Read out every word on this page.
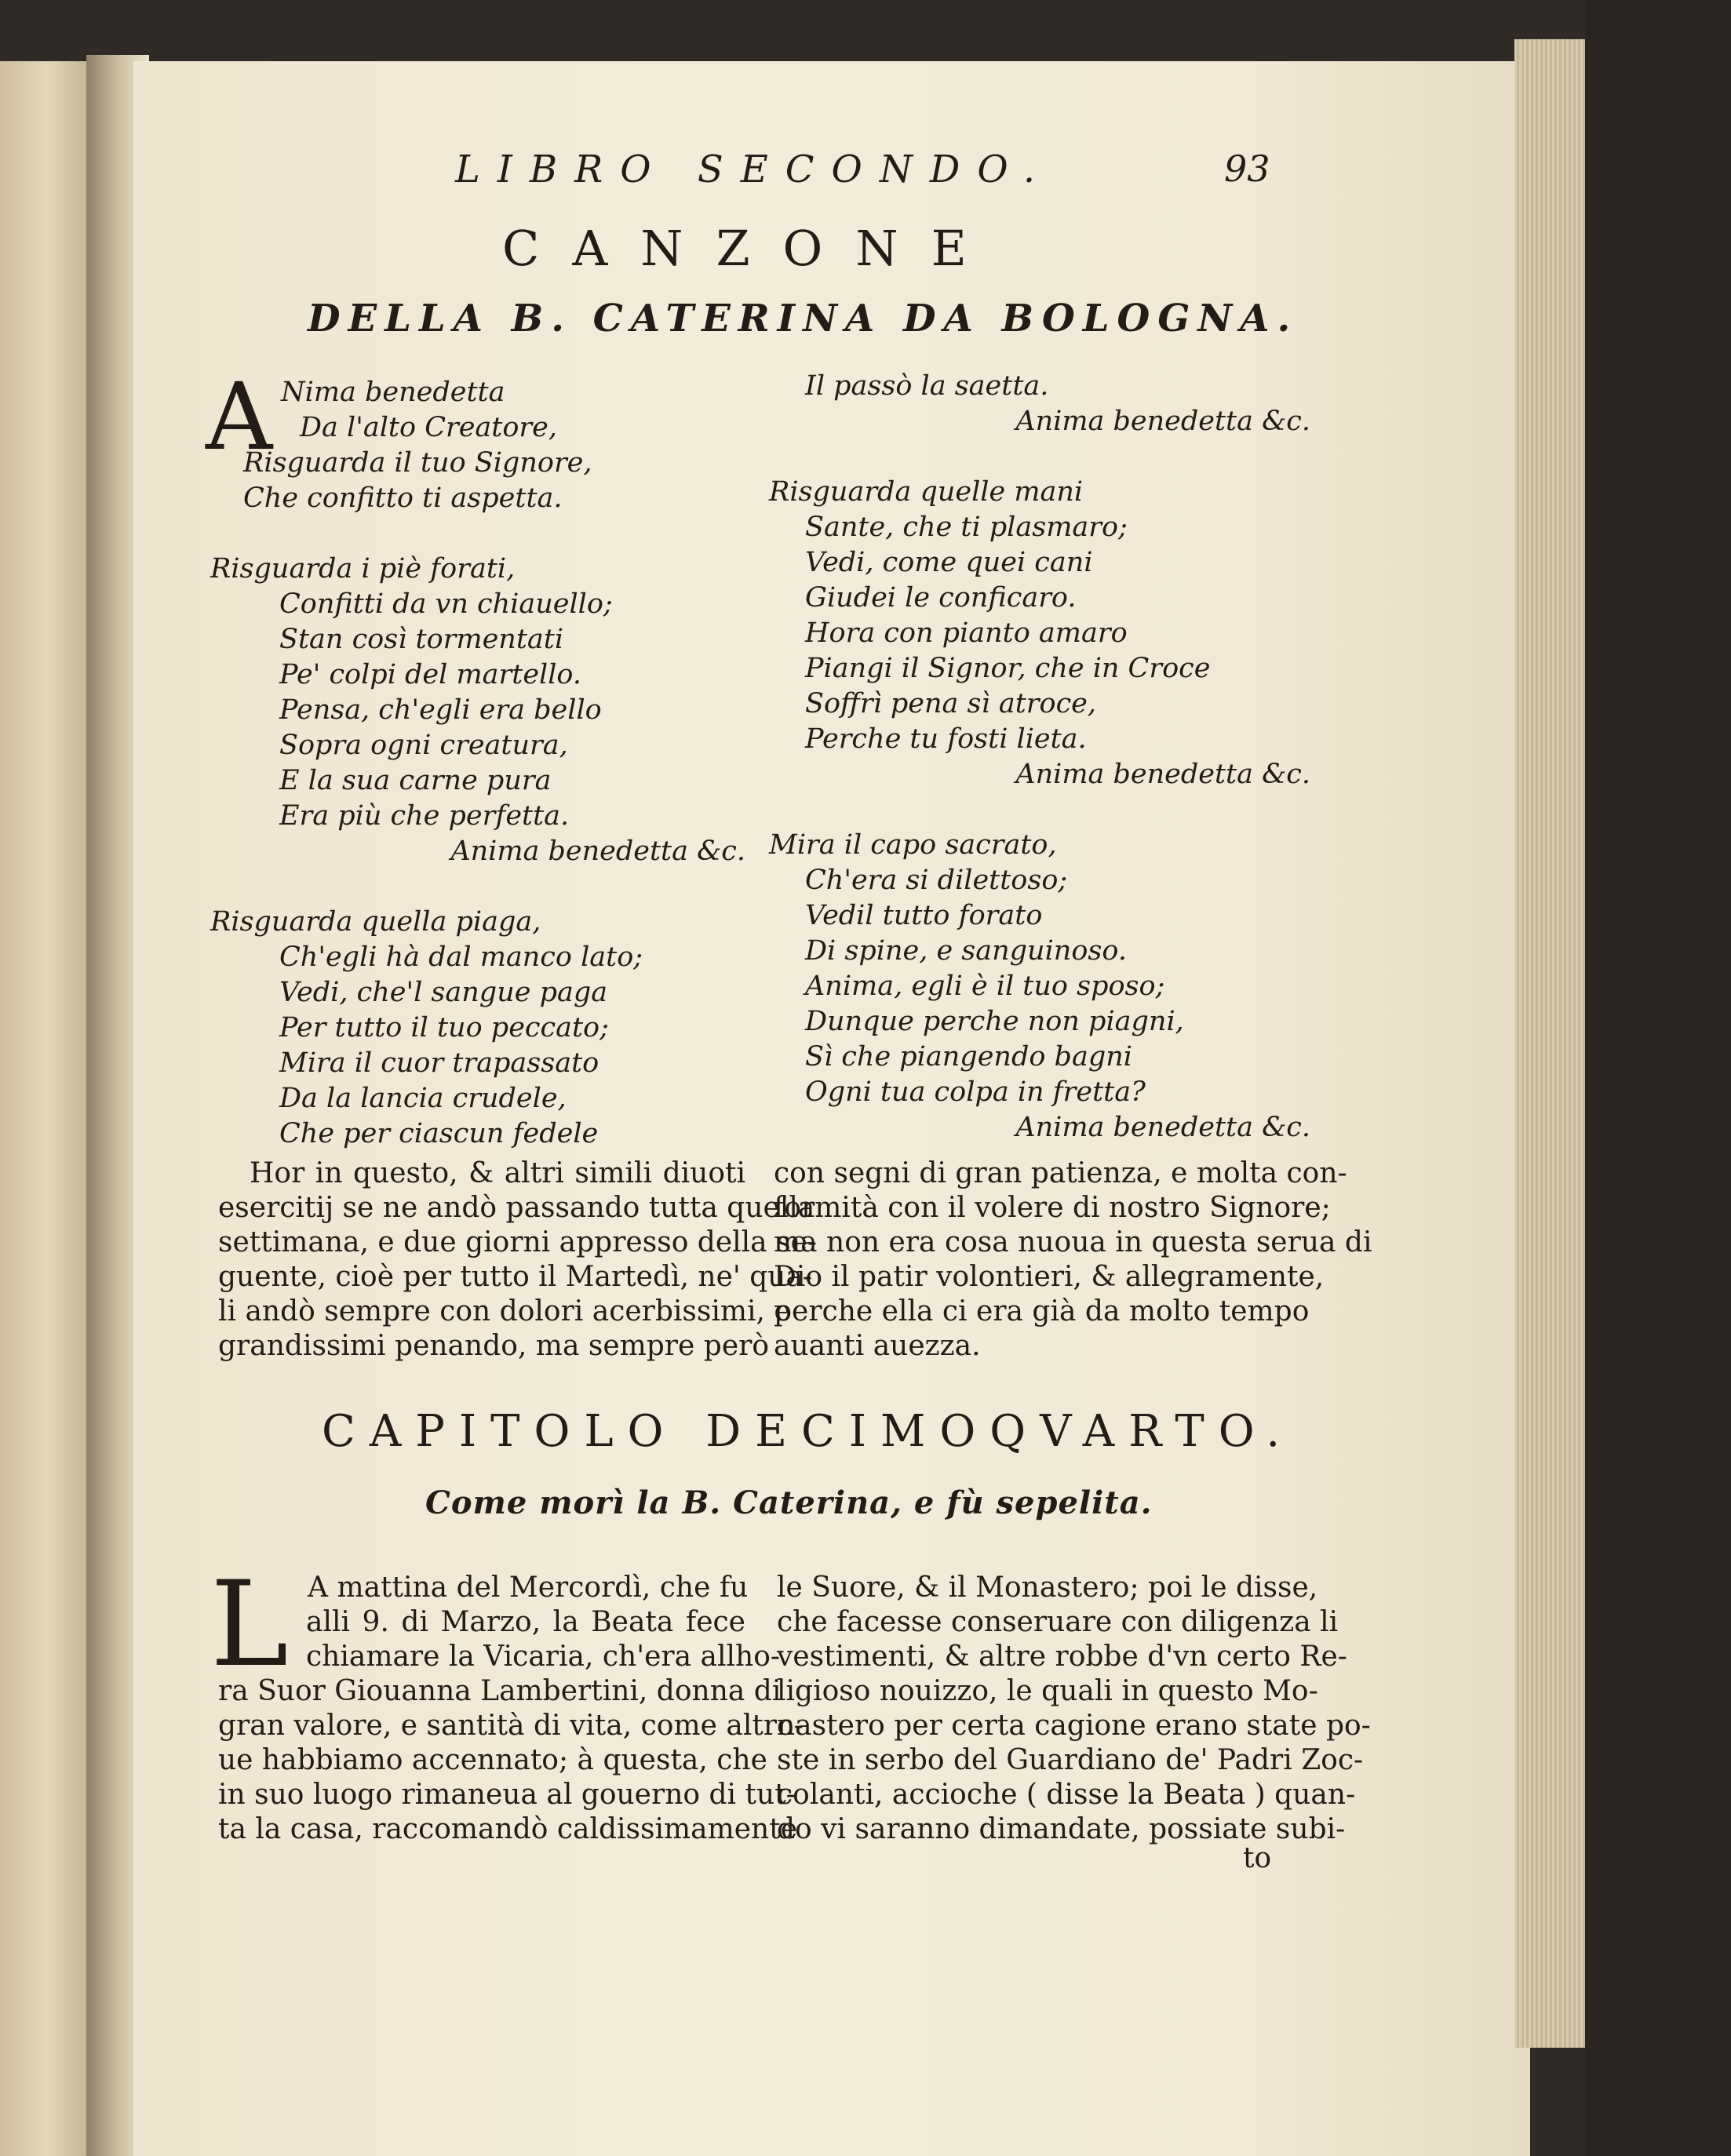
LIBRO SECONDO.	93
CANZONE
DELLA B. CATERINA DA BOLOGNA.
A Nima benedetta
Da l'alto Creatore,
Risguarda il tuo Signore,
Che confitto ti aspetta.
Risguarda i piè forati,
Confitti da vn chiauello;
Stan così tormentati
Pe' colpi del martello.
Pensa, ch'egli era bello
Sopra ogni creatura,
E la sua carne pura
Era più che perfetta.
Anima benedetta &c.
Risguarda quella piaga,
Ch'egli hà dal manco lato;
Vedi, che'l sangue paga
Per tutto il tuo peccato;
Mira il cuor trapassato
Da la lancia crudele,
Che per ciascun fedele
Il passò la saetta.
Anima benedetta &c.
Risguarda quelle mani
Sante, che ti plasmaro;
Vedi, come quei cani
Giudei le conficaro.
Hora con pianto amaro
Piangi il Signor, che in Croce
Soffrì pena sì atroce,
Perche tu fosti lieta.
Anima benedetta &c.
Mira il capo sacrato,
Ch'era si dilettoso;
Vedil tutto forato
Di spine, e sanguinoso.
Anima, egli è il tuo sposo;
Dunque perche non piagni,
Sì che piangendo bagni
Ogni tua colpa in fretta?
Anima benedetta &c.
Hor in questo, & altri simili diuoti
esercitij se ne andò passando tutta quella
settimana, e due giorni appresso della se-
guente, cioè per tutto il Martedì, ne' qua-
li andò sempre con dolori acerbissimi, e
grandissimi penando, ma sempre però
con segni di gran patienza, e molta con-
formità con il volere di nostro Signore;
ma non era cosa nuoua in questa serua di
Dio il patir volontieri, & allegramente,
perche ella ci era già da molto tempo
auanti auezza.
CAPITOLO DECIMOQVARTO.
Come morì la B. Caterina, e fù sepelita.
L A mattina del Mercordì, che fu
alli 9. di Marzo, la Beata fece
chiamare la Vicaria, ch'era allho-
ra Suor Giouanna Lambertini, donna di
gran valore, e santità di vita, come altro-
ue habbiamo accennato; à questa, che
in suo luogo rimaneua al gouerno di tut-
ta la casa, raccomandò caldissimamente
le Suore, & il Monastero; poi le disse,
che facesse conseruare con diligenza li
vestimenti, & altre robbe d'vn certo Re-
ligioso nouizzo, le quali in questo Mo-
nastero per certa cagione erano state po-
ste in serbo del Guardiano de' Padri Zoc-
colanti, accioche ( disse la Beata ) quan-
do vi saranno dimandate, possiate subi-
to
